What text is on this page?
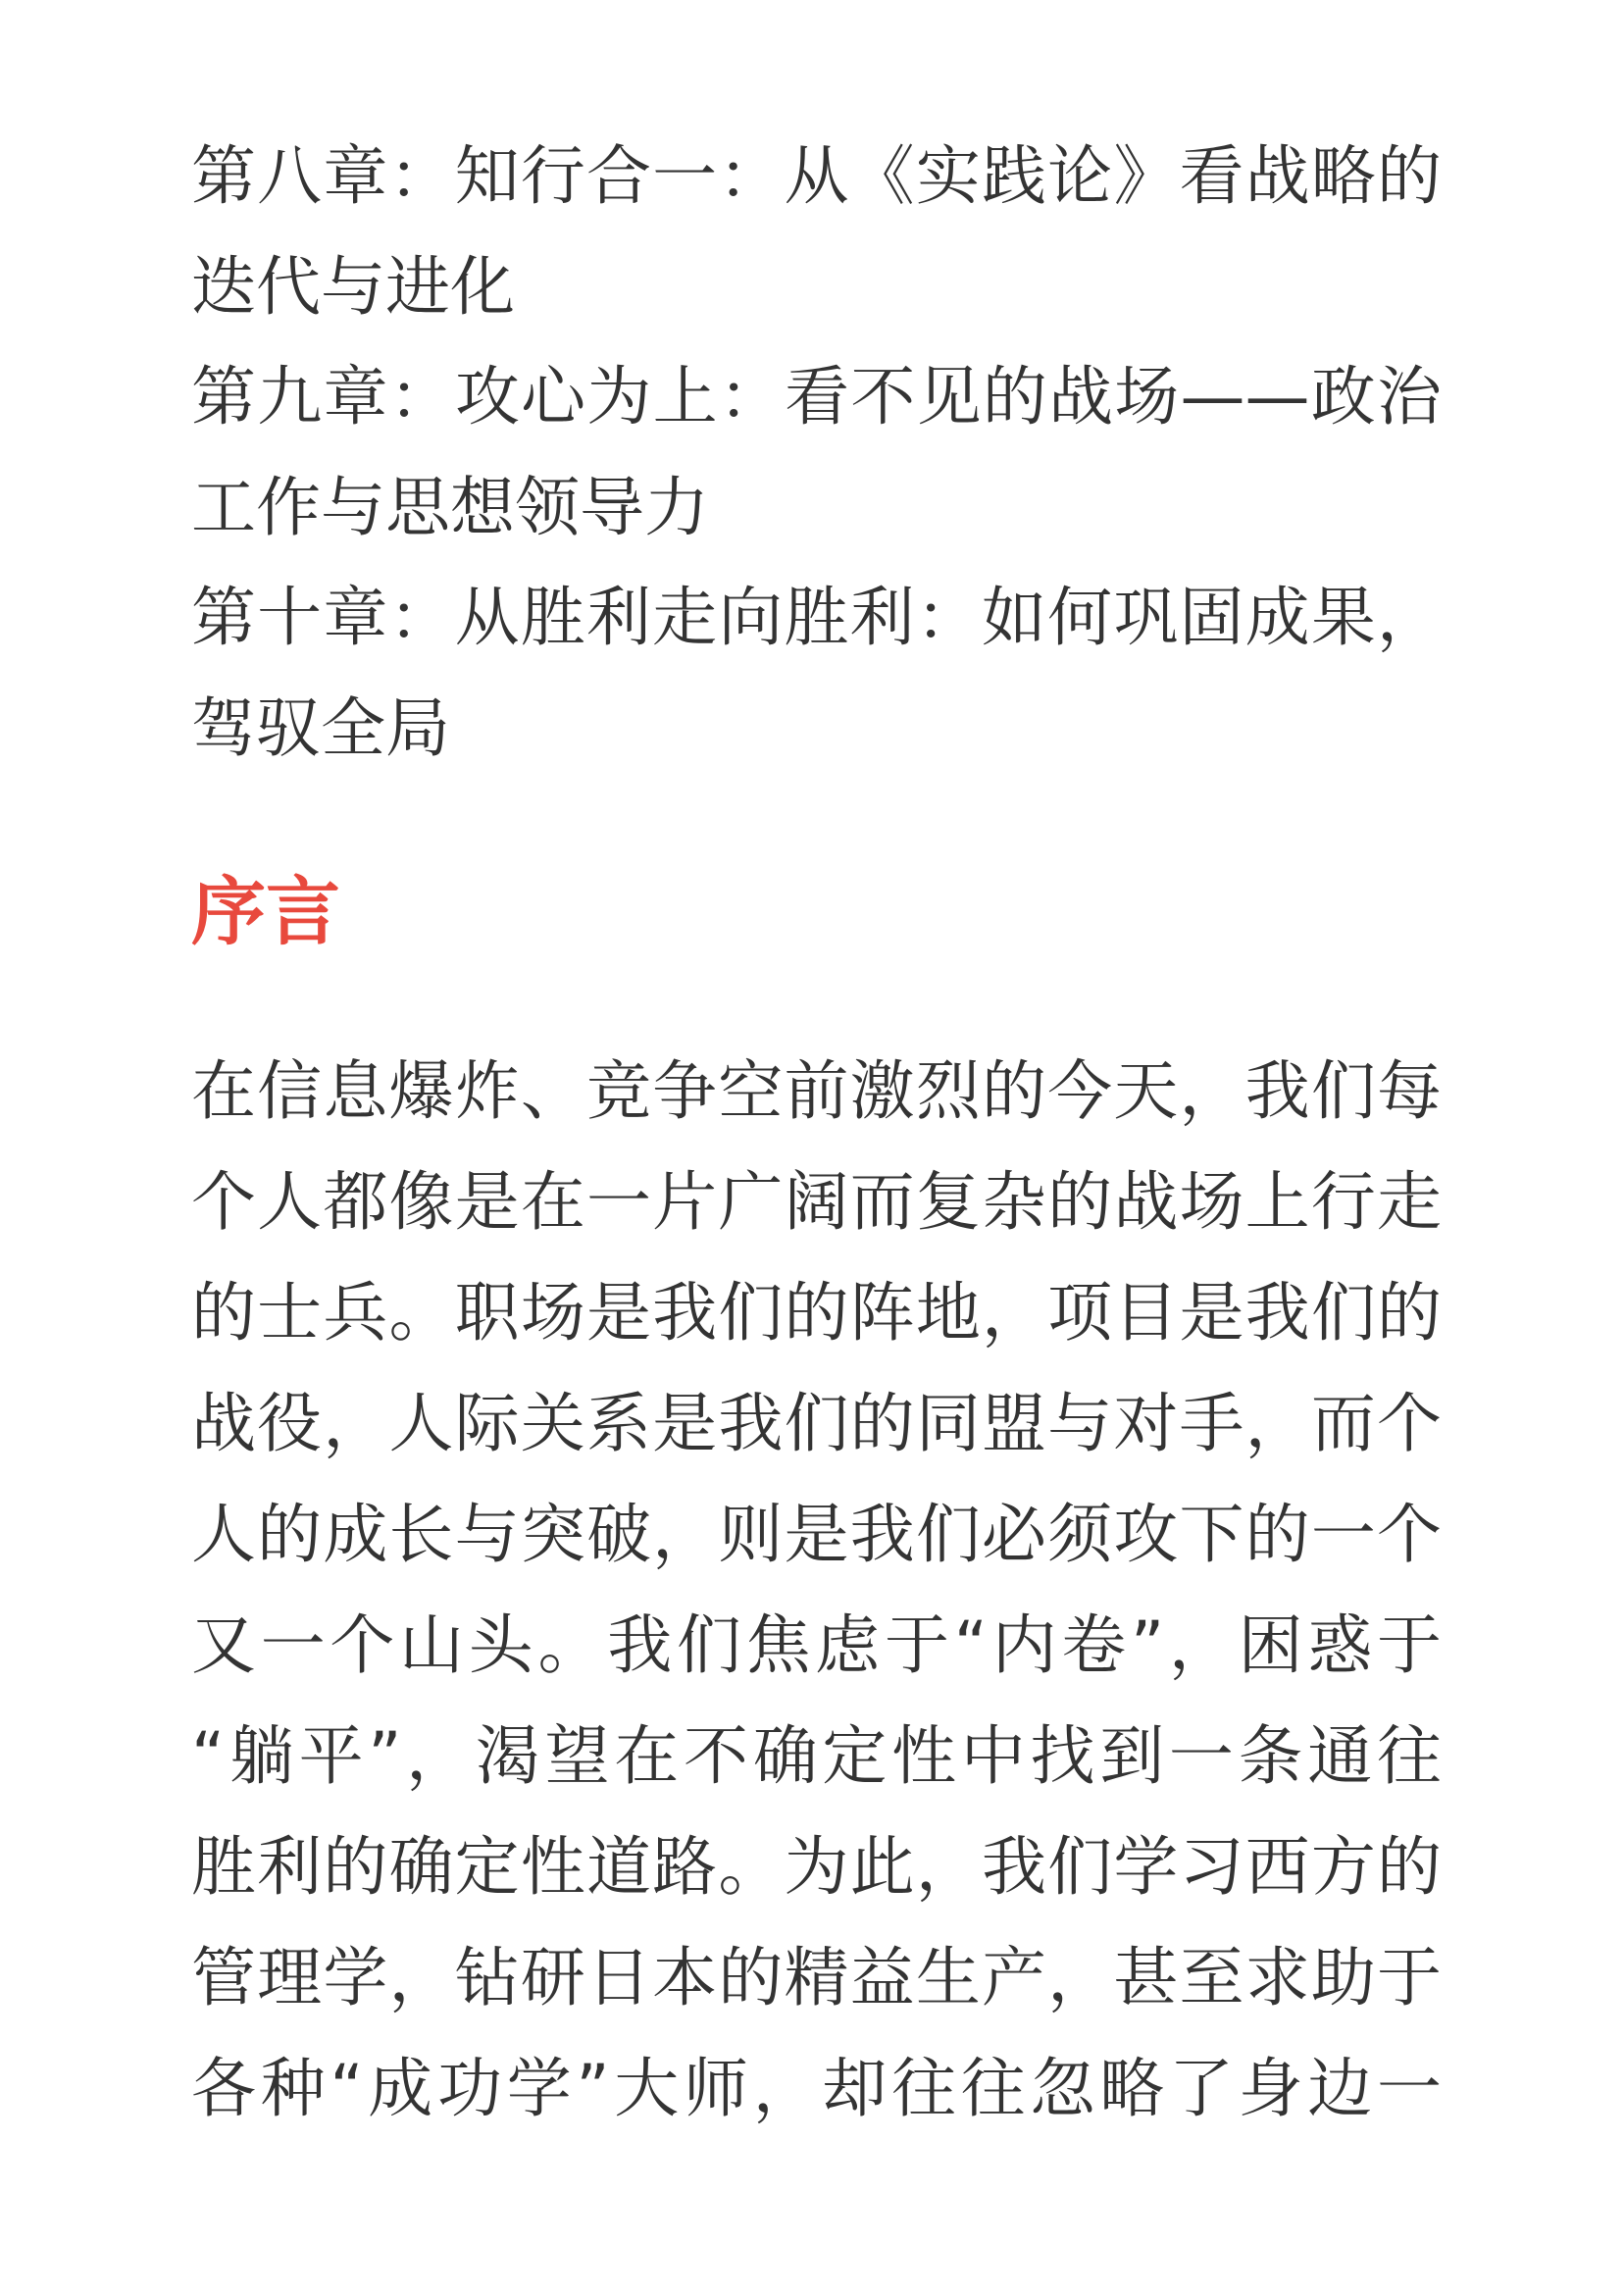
第八章：知行合一：从《实践论》看战略的
迭代与进化
第九章：攻心为上：看不见的战场——政治
工作与思想领导力
第十章：从胜利走向胜利：如何巩固成果，
驾驭全局
序言
在信息爆炸、竞争空前激烈的今天，我们每
个人都像是在一片广阔而复杂的战场上行走
的士兵。职场是我们的阵地，项目是我们的
战役，人际关系是我们的同盟与对手，而个
人的成长与突破，则是我们必须攻下的一个
又一个山头。我们焦虑于“内卷”，困惑于
“躺平”，渴望在不确定性中找到一条通往
胜利的确定性道路。为此，我们学习西方的
管理学，钻研日本的精益生产，甚至求助于
各种“成功学”大师，却往往忽略了身边一
